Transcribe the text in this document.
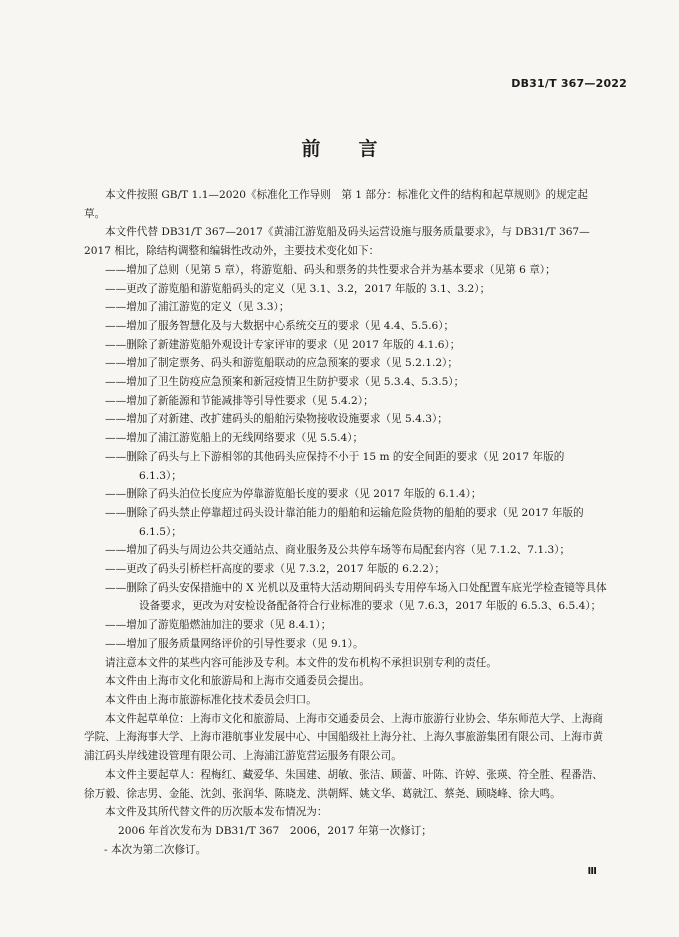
DB31/T 367—2022
前 言

本文件按照 GB/T 1.1—2020《标准化工作导则　第 1 部分：标准化文件的结构和起草规则》的规定起草。

本文件代替 DB31/T 367—2017《黄浦江游览船及码头运营设施与服务质量要求》，与 DB31/T 367—2017 相比，除结构调整和编辑性改动外，主要技术变化如下：

——增加了总则（见第 5 章），将游览船、码头和票务的共性要求合并为基本要求（见第 6 章）；

——更改了游览船和游览船码头的定义（见 3.1、3.2，2017 年版的 3.1、3.2）；

——增加了浦江游览的定义（见 3.3）；

——增加了服务智慧化及与大数据中心系统交互的要求（见 4.4、5.5.6）；

——删除了新建游览船外观设计专家评审的要求（见 2017 年版的 4.1.6）；

——增加了制定票务、码头和游览船联动的应急预案的要求（见 5.2.1.2）；

——增加了卫生防疫应急预案和新冠疫情卫生防护要求（见 5.3.4、5.3.5）；

——增加了新能源和节能减排等引导性要求（见 5.4.2）；

——增加了对新建、改扩建码头的船舶污染物接收设施要求（见 5.4.3）；

——增加了浦江游览船上的无线网络要求（见 5.5.4）；

——删除了码头与上下游相邻的其他码头应保持不小于 15 m 的安全间距的要求（见 2017 年版的 6.1.3）；

——删除了码头泊位长度应为停靠游览船长度的要求（见 2017 年版的 6.1.4）；

——删除了码头禁止停靠超过码头设计靠泊能力的船舶和运输危险货物的船舶的要求（见 2017 年版的 6.1.5）；

——增加了码头与周边公共交通站点、商业服务及公共停车场等布局配套内容（见 7.1.2、7.1.3）；

——更改了码头引桥栏杆高度的要求（见 7.3.2，2017 年版的 6.2.2）；

——删除了码头安保措施中的 X 光机以及重特大活动期间码头专用停车场入口处配置车底光学检查镜等具体设备要求，更改为对安检设备配备符合行业标准的要求（见 7.6.3，2017 年版的 6.5.3、6.5.4）；

——增加了游览船燃油加注的要求（见 8.4.1）；

——增加了服务质量网络评价的引导性要求（见 9.1）。

请注意本文件的某些内容可能涉及专利。本文件的发布机构不承担识别专利的责任。

本文件由上海市文化和旅游局和上海市交通委员会提出。

本文件由上海市旅游标准化技术委员会归口。

本文件起草单位：上海市文化和旅游局、上海市交通委员会、上海市旅游行业协会、华东师范大学、上海商学院、上海海事大学、上海市港航事业发展中心、中国船级社上海分社、上海久事旅游集团有限公司、上海市黄浦江码头岸线建设管理有限公司、上海浦江游览营运服务有限公司。

本文件主要起草人：程梅红、藏爱华、朱国建、胡敏、张洁、顾蕾、叶陈、许婷、张瑛、符全胜、程番浩、徐万毅、徐志男、金能、沈剑、张润华、陈晓龙、洪朝辉、姚文华、葛就江、蔡尧、顾晓峰、徐大鸣。

本文件及其所代替文件的历次版本发布情况为：

2006 年首次发布为 DB31/T 367　2006，2017 年第一次修订；

- 本次为第二次修订。

Ⅲ
